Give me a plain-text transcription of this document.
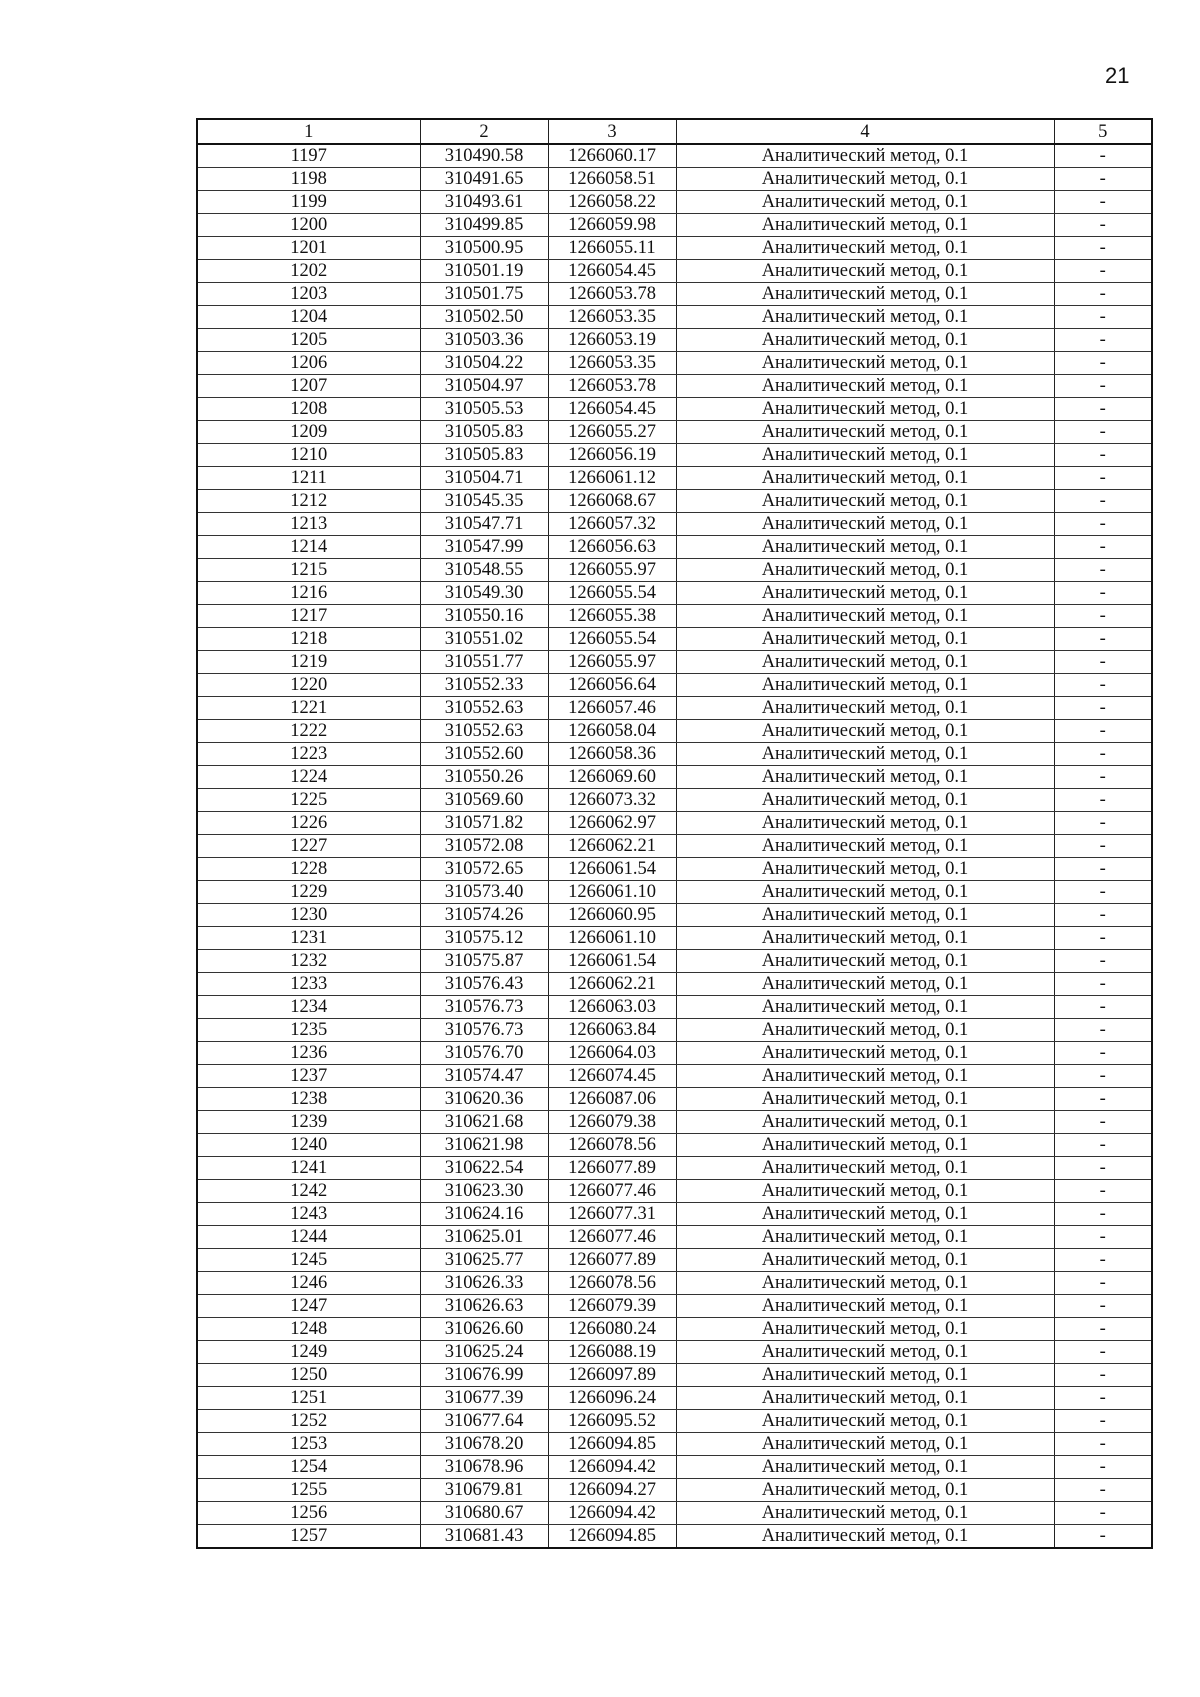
21
1	2	3	4	5
1197	310490.58	1266060.17	Аналитический метод, 0.1	-
1198	310491.65	1266058.51	Аналитический метод, 0.1	-
1199	310493.61	1266058.22	Аналитический метод, 0.1	-
1200	310499.85	1266059.98	Аналитический метод, 0.1	-
1201	310500.95	1266055.11	Аналитический метод, 0.1	-
1202	310501.19	1266054.45	Аналитический метод, 0.1	-
1203	310501.75	1266053.78	Аналитический метод, 0.1	-
1204	310502.50	1266053.35	Аналитический метод, 0.1	-
1205	310503.36	1266053.19	Аналитический метод, 0.1	-
1206	310504.22	1266053.35	Аналитический метод, 0.1	-
1207	310504.97	1266053.78	Аналитический метод, 0.1	-
1208	310505.53	1266054.45	Аналитический метод, 0.1	-
1209	310505.83	1266055.27	Аналитический метод, 0.1	-
1210	310505.83	1266056.19	Аналитический метод, 0.1	-
1211	310504.71	1266061.12	Аналитический метод, 0.1	-
1212	310545.35	1266068.67	Аналитический метод, 0.1	-
1213	310547.71	1266057.32	Аналитический метод, 0.1	-
1214	310547.99	1266056.63	Аналитический метод, 0.1	-
1215	310548.55	1266055.97	Аналитический метод, 0.1	-
1216	310549.30	1266055.54	Аналитический метод, 0.1	-
1217	310550.16	1266055.38	Аналитический метод, 0.1	-
1218	310551.02	1266055.54	Аналитический метод, 0.1	-
1219	310551.77	1266055.97	Аналитический метод, 0.1	-
1220	310552.33	1266056.64	Аналитический метод, 0.1	-
1221	310552.63	1266057.46	Аналитический метод, 0.1	-
1222	310552.63	1266058.04	Аналитический метод, 0.1	-
1223	310552.60	1266058.36	Аналитический метод, 0.1	-
1224	310550.26	1266069.60	Аналитический метод, 0.1	-
1225	310569.60	1266073.32	Аналитический метод, 0.1	-
1226	310571.82	1266062.97	Аналитический метод, 0.1	-
1227	310572.08	1266062.21	Аналитический метод, 0.1	-
1228	310572.65	1266061.54	Аналитический метод, 0.1	-
1229	310573.40	1266061.10	Аналитический метод, 0.1	-
1230	310574.26	1266060.95	Аналитический метод, 0.1	-
1231	310575.12	1266061.10	Аналитический метод, 0.1	-
1232	310575.87	1266061.54	Аналитический метод, 0.1	-
1233	310576.43	1266062.21	Аналитический метод, 0.1	-
1234	310576.73	1266063.03	Аналитический метод, 0.1	-
1235	310576.73	1266063.84	Аналитический метод, 0.1	-
1236	310576.70	1266064.03	Аналитический метод, 0.1	-
1237	310574.47	1266074.45	Аналитический метод, 0.1	-
1238	310620.36	1266087.06	Аналитический метод, 0.1	-
1239	310621.68	1266079.38	Аналитический метод, 0.1	-
1240	310621.98	1266078.56	Аналитический метод, 0.1	-
1241	310622.54	1266077.89	Аналитический метод, 0.1	-
1242	310623.30	1266077.46	Аналитический метод, 0.1	-
1243	310624.16	1266077.31	Аналитический метод, 0.1	-
1244	310625.01	1266077.46	Аналитический метод, 0.1	-
1245	310625.77	1266077.89	Аналитический метод, 0.1	-
1246	310626.33	1266078.56	Аналитический метод, 0.1	-
1247	310626.63	1266079.39	Аналитический метод, 0.1	-
1248	310626.60	1266080.24	Аналитический метод, 0.1	-
1249	310625.24	1266088.19	Аналитический метод, 0.1	-
1250	310676.99	1266097.89	Аналитический метод, 0.1	-
1251	310677.39	1266096.24	Аналитический метод, 0.1	-
1252	310677.64	1266095.52	Аналитический метод, 0.1	-
1253	310678.20	1266094.85	Аналитический метод, 0.1	-
1254	310678.96	1266094.42	Аналитический метод, 0.1	-
1255	310679.81	1266094.27	Аналитический метод, 0.1	-
1256	310680.67	1266094.42	Аналитический метод, 0.1	-
1257	310681.43	1266094.85	Аналитический метод, 0.1	-
